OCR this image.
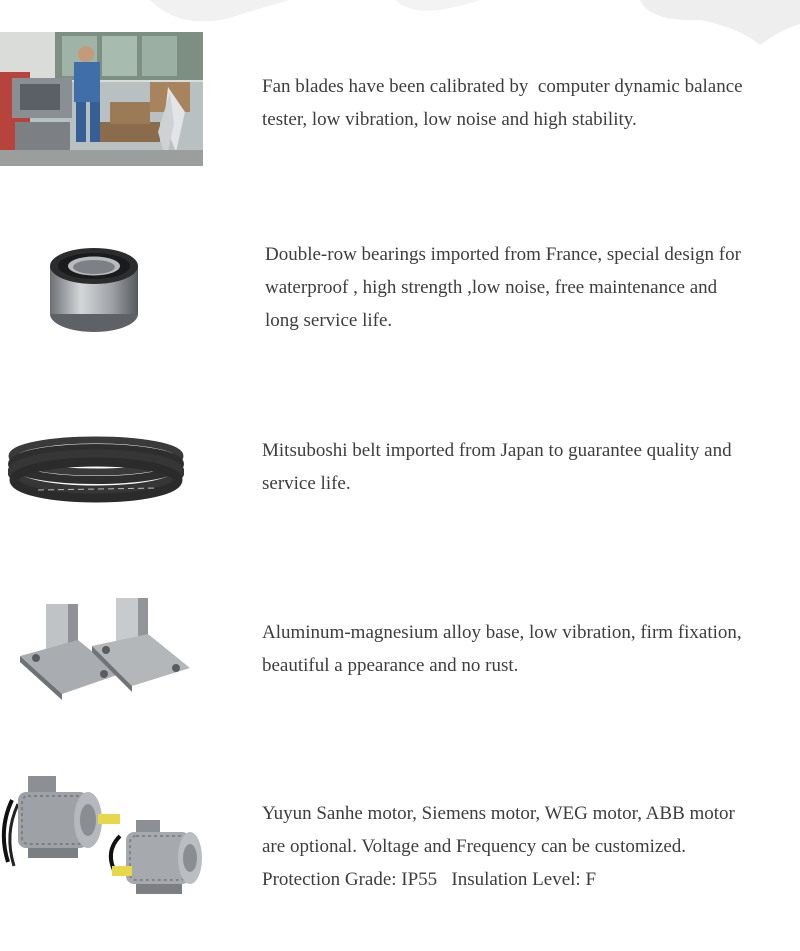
Fan blades have been calibrated by  computer dynamic balance
tester, low vibration, low noise and high stability.
Double-row bearings imported from France, special design for
waterproof , high strength ,low noise, free maintenance and
long service life.
Mitsuboshi belt imported from Japan to guarantee quality and
service life.
Aluminum-magnesium alloy base, low vibration, firm fixation,
beautiful a ppearance and no rust.
Yuyun Sanhe motor, Siemens motor, WEG motor, ABB motor
are optional. Voltage and Frequency can be customized.
Protection Grade: IP55   Insulation Level: F
